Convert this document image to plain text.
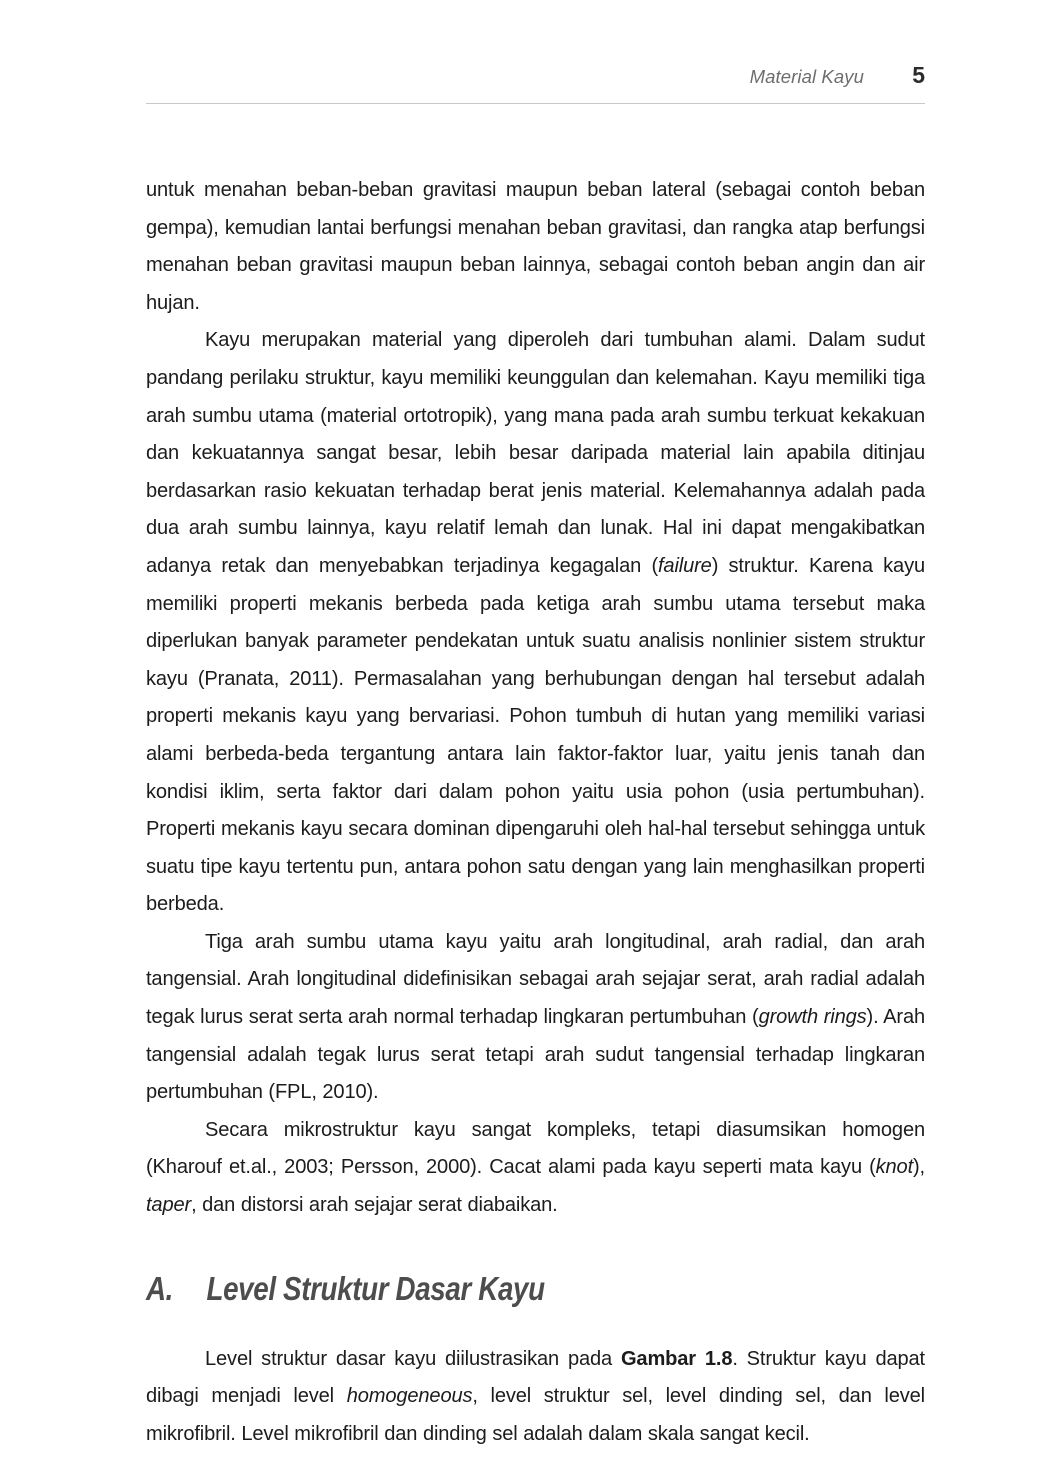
Material Kayu 5

untuk menahan beban-beban gravitasi maupun beban lateral (sebagai contoh beban gempa), kemudian lantai berfungsi menahan beban gravitasi, dan rangka atap berfungsi menahan beban gravitasi maupun beban lainnya, sebagai contoh beban angin dan air hujan.

Kayu merupakan material yang diperoleh dari tumbuhan alami. Dalam sudut pandang perilaku struktur, kayu memiliki keunggulan dan kelemahan. Kayu memiliki tiga arah sumbu utama (material ortotropik), yang mana pada arah sumbu terkuat kekakuan dan kekuatannya sangat besar, lebih besar daripada material lain apabila ditinjau berdasarkan rasio kekuatan terhadap berat jenis material. Kelemahannya adalah pada dua arah sumbu lainnya, kayu relatif lemah dan lunak. Hal ini dapat mengakibatkan adanya retak dan menyebabkan terjadinya kegagalan (failure) struktur. Karena kayu memiliki properti mekanis berbeda pada ketiga arah sumbu utama tersebut maka diperlukan banyak parameter pendekatan untuk suatu analisis nonlinier sistem struktur kayu (Pranata, 2011). Permasalahan yang berhubungan dengan hal tersebut adalah properti mekanis kayu yang bervariasi. Pohon tumbuh di hutan yang memiliki variasi alami berbeda-beda tergantung antara lain faktor-faktor luar, yaitu jenis tanah dan kondisi iklim, serta faktor dari dalam pohon yaitu usia pohon (usia pertumbuhan). Properti mekanis kayu secara dominan dipengaruhi oleh hal-hal tersebut sehingga untuk suatu tipe kayu tertentu pun, antara pohon satu dengan yang lain menghasilkan properti berbeda.

Tiga arah sumbu utama kayu yaitu arah longitudinal, arah radial, dan arah tangensial. Arah longitudinal didefinisikan sebagai arah sejajar serat, arah radial adalah tegak lurus serat serta arah normal terhadap lingkaran pertumbuhan (growth rings). Arah tangensial adalah tegak lurus serat tetapi arah sudut tangensial terhadap lingkaran pertumbuhan (FPL, 2010).

Secara mikrostruktur kayu sangat kompleks, tetapi diasumsikan homogen (Kharouf et.al., 2003; Persson, 2000). Cacat alami pada kayu seperti mata kayu (knot), taper, dan distorsi arah sejajar serat diabaikan.

A.	Level Struktur Dasar Kayu

Level struktur dasar kayu diilustrasikan pada Gambar 1.8. Struktur kayu dapat dibagi menjadi level homogeneous, level struktur sel, level dinding sel, dan level mikrofibril. Level mikrofibril dan dinding sel adalah dalam skala sangat kecil.
